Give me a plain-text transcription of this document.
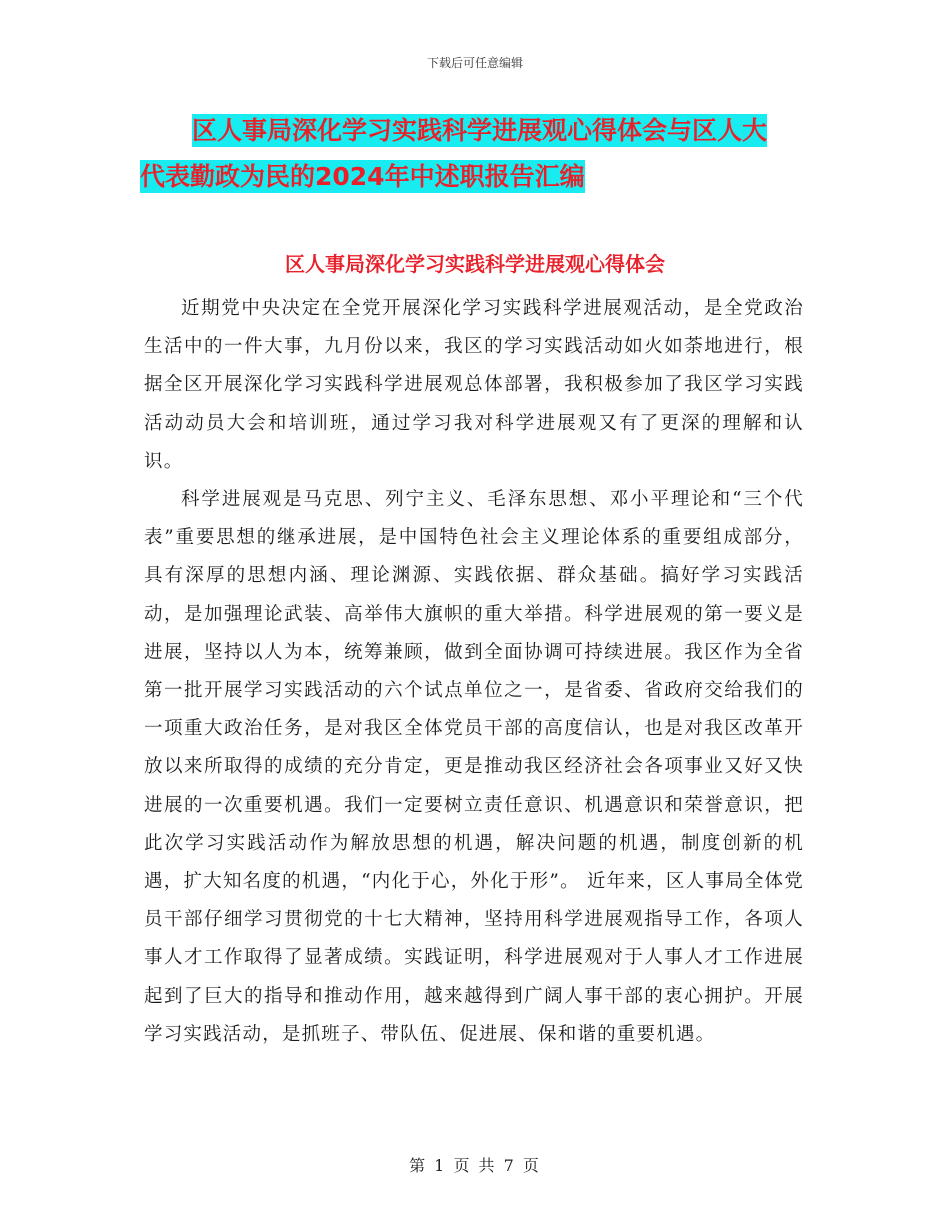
下载后可任意编辑
区人事局深化学习实践科学进展观心得体会与区人大
代表勤政为民的2024年中述职报告汇编
区人事局深化学习实践科学进展观心得体会

近期党中央决定在全党开展深化学习实践科学进展观活动，是全党政治生活中的一件大事，九月份以来，我区的学习实践活动如火如荼地进行，根据全区开展深化学习实践科学进展观总体部署，我积极参加了我区学习实践活动动员大会和培训班，通过学习我对科学进展观又有了更深的理解和认识。

科学进展观是马克思、列宁主义、毛泽东思想、邓小平理论和“三个代表”重要思想的继承进展，是中国特色社会主义理论体系的重要组成部分，具有深厚的思想内涵、理论渊源、实践依据、群众基础。搞好学习实践活动，是加强理论武装、高举伟大旗帜的重大举措。科学进展观的第一要义是进展，坚持以人为本，统筹兼顾，做到全面协调可持续进展。我区作为全省第一批开展学习实践活动的六个试点单位之一，是省委、省政府交给我们的一项重大政治任务，是对我区全体党员干部的高度信认，也是对我区改革开放以来所取得的成绩的充分肯定，更是推动我区经济社会各项事业又好又快进展的一次重要机遇。我们一定要树立责任意识、机遇意识和荣誉意识，把此次学习实践活动作为解放思想的机遇，解决问题的机遇，制度创新的机遇，扩大知名度的机遇，“内化于心，外化于形”。 近年来，区人事局全体党员干部仔细学习贯彻党的十七大精神，坚持用科学进展观指导工作，各项人事人才工作取得了显著成绩。实践证明，科学进展观对于人事人才工作进展起到了巨大的指导和推动作用，越来越得到广阔人事干部的衷心拥护。开展学习实践活动，是抓班子、带队伍、促进展、保和谐的重要机遇。

第 1 页 共 7 页
